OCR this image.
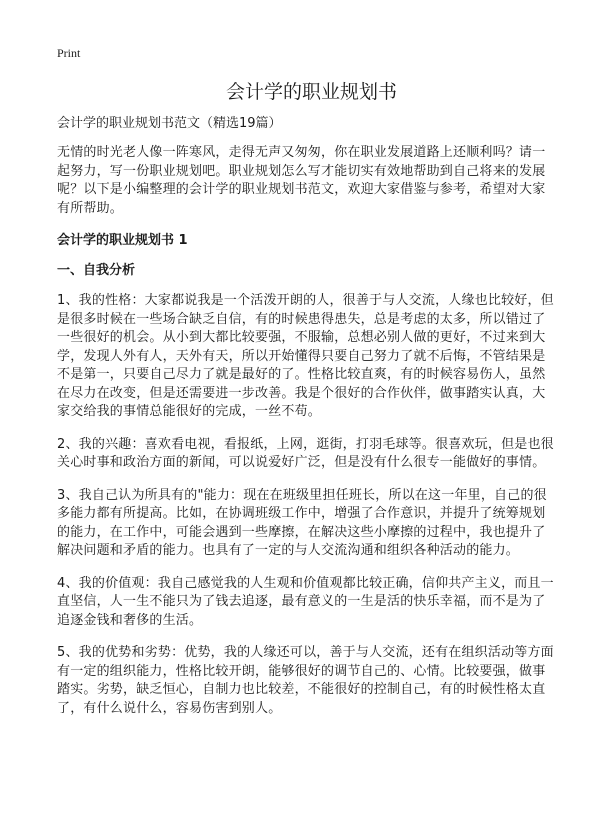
Print
会计学的职业规划书
会计学的职业规划书范文（精选19篇）

无情的时光老人像一阵寒风，走得无声又匆匆，你在职业发展道路上还顺利吗？请一起努力，写一份职业规划吧。职业规划怎么写才能切实有效地帮助到自己将来的发展呢？以下是小编整理的会计学的职业规划书范文，欢迎大家借鉴与参考，希望对大家有所帮助。

会计学的职业规划书 1
一、自我分析

1、我的性格：大家都说我是一个活泼开朗的人，很善于与人交流，人缘也比较好，但是很多时候在一些场合缺乏自信，有的时候患得患失，总是考虑的太多，所以错过了一些很好的机会。从小到大都比较要强，不服输，总想必别人做的更好，不过来到大学，发现人外有人，天外有天，所以开始懂得只要自己努力了就不后悔，不管结果是不是第一，只要自己尽力了就是最好的了。性格比较直爽，有的时候容易伤人，虽然在尽力在改变，但是还需要进一步改善。我是个很好的合作伙伴，做事踏实认真，大家交给我的事情总能很好的完成，一丝不苟。

2、我的兴趣：喜欢看电视，看报纸，上网，逛街，打羽毛球等。很喜欢玩，但是也很关心时事和政治方面的新闻，可以说爱好广泛，但是没有什么很专一能做好的事情。

3、我自己认为所具有的"能力：现在在班级里担任班长，所以在这一年里，自己的很多能力都有所提高。比如，在协调班级工作中，增强了合作意识，并提升了统筹规划的能力，在工作中，可能会遇到一些摩擦，在解决这些小摩擦的过程中，我也提升了解决问题和矛盾的能力。也具有了一定的与人交流沟通和组织各种活动的能力。

4、我的价值观：我自己感觉我的人生观和价值观都比较正确，信仰共产主义，而且一直坚信，人一生不能只为了钱去追逐，最有意义的一生是活的快乐幸福，而不是为了追逐金钱和奢侈的生活。

5、我的优势和劣势：优势，我的人缘还可以，善于与人交流，还有在组织活动等方面有一定的组织能力，性格比较开朗，能够很好的调节自己的、心情。比较要强，做事踏实。劣势，缺乏恒心，自制力也比较差，不能很好的控制自己，有的时候性格太直了，有什么说什么，容易伤害到别人。
